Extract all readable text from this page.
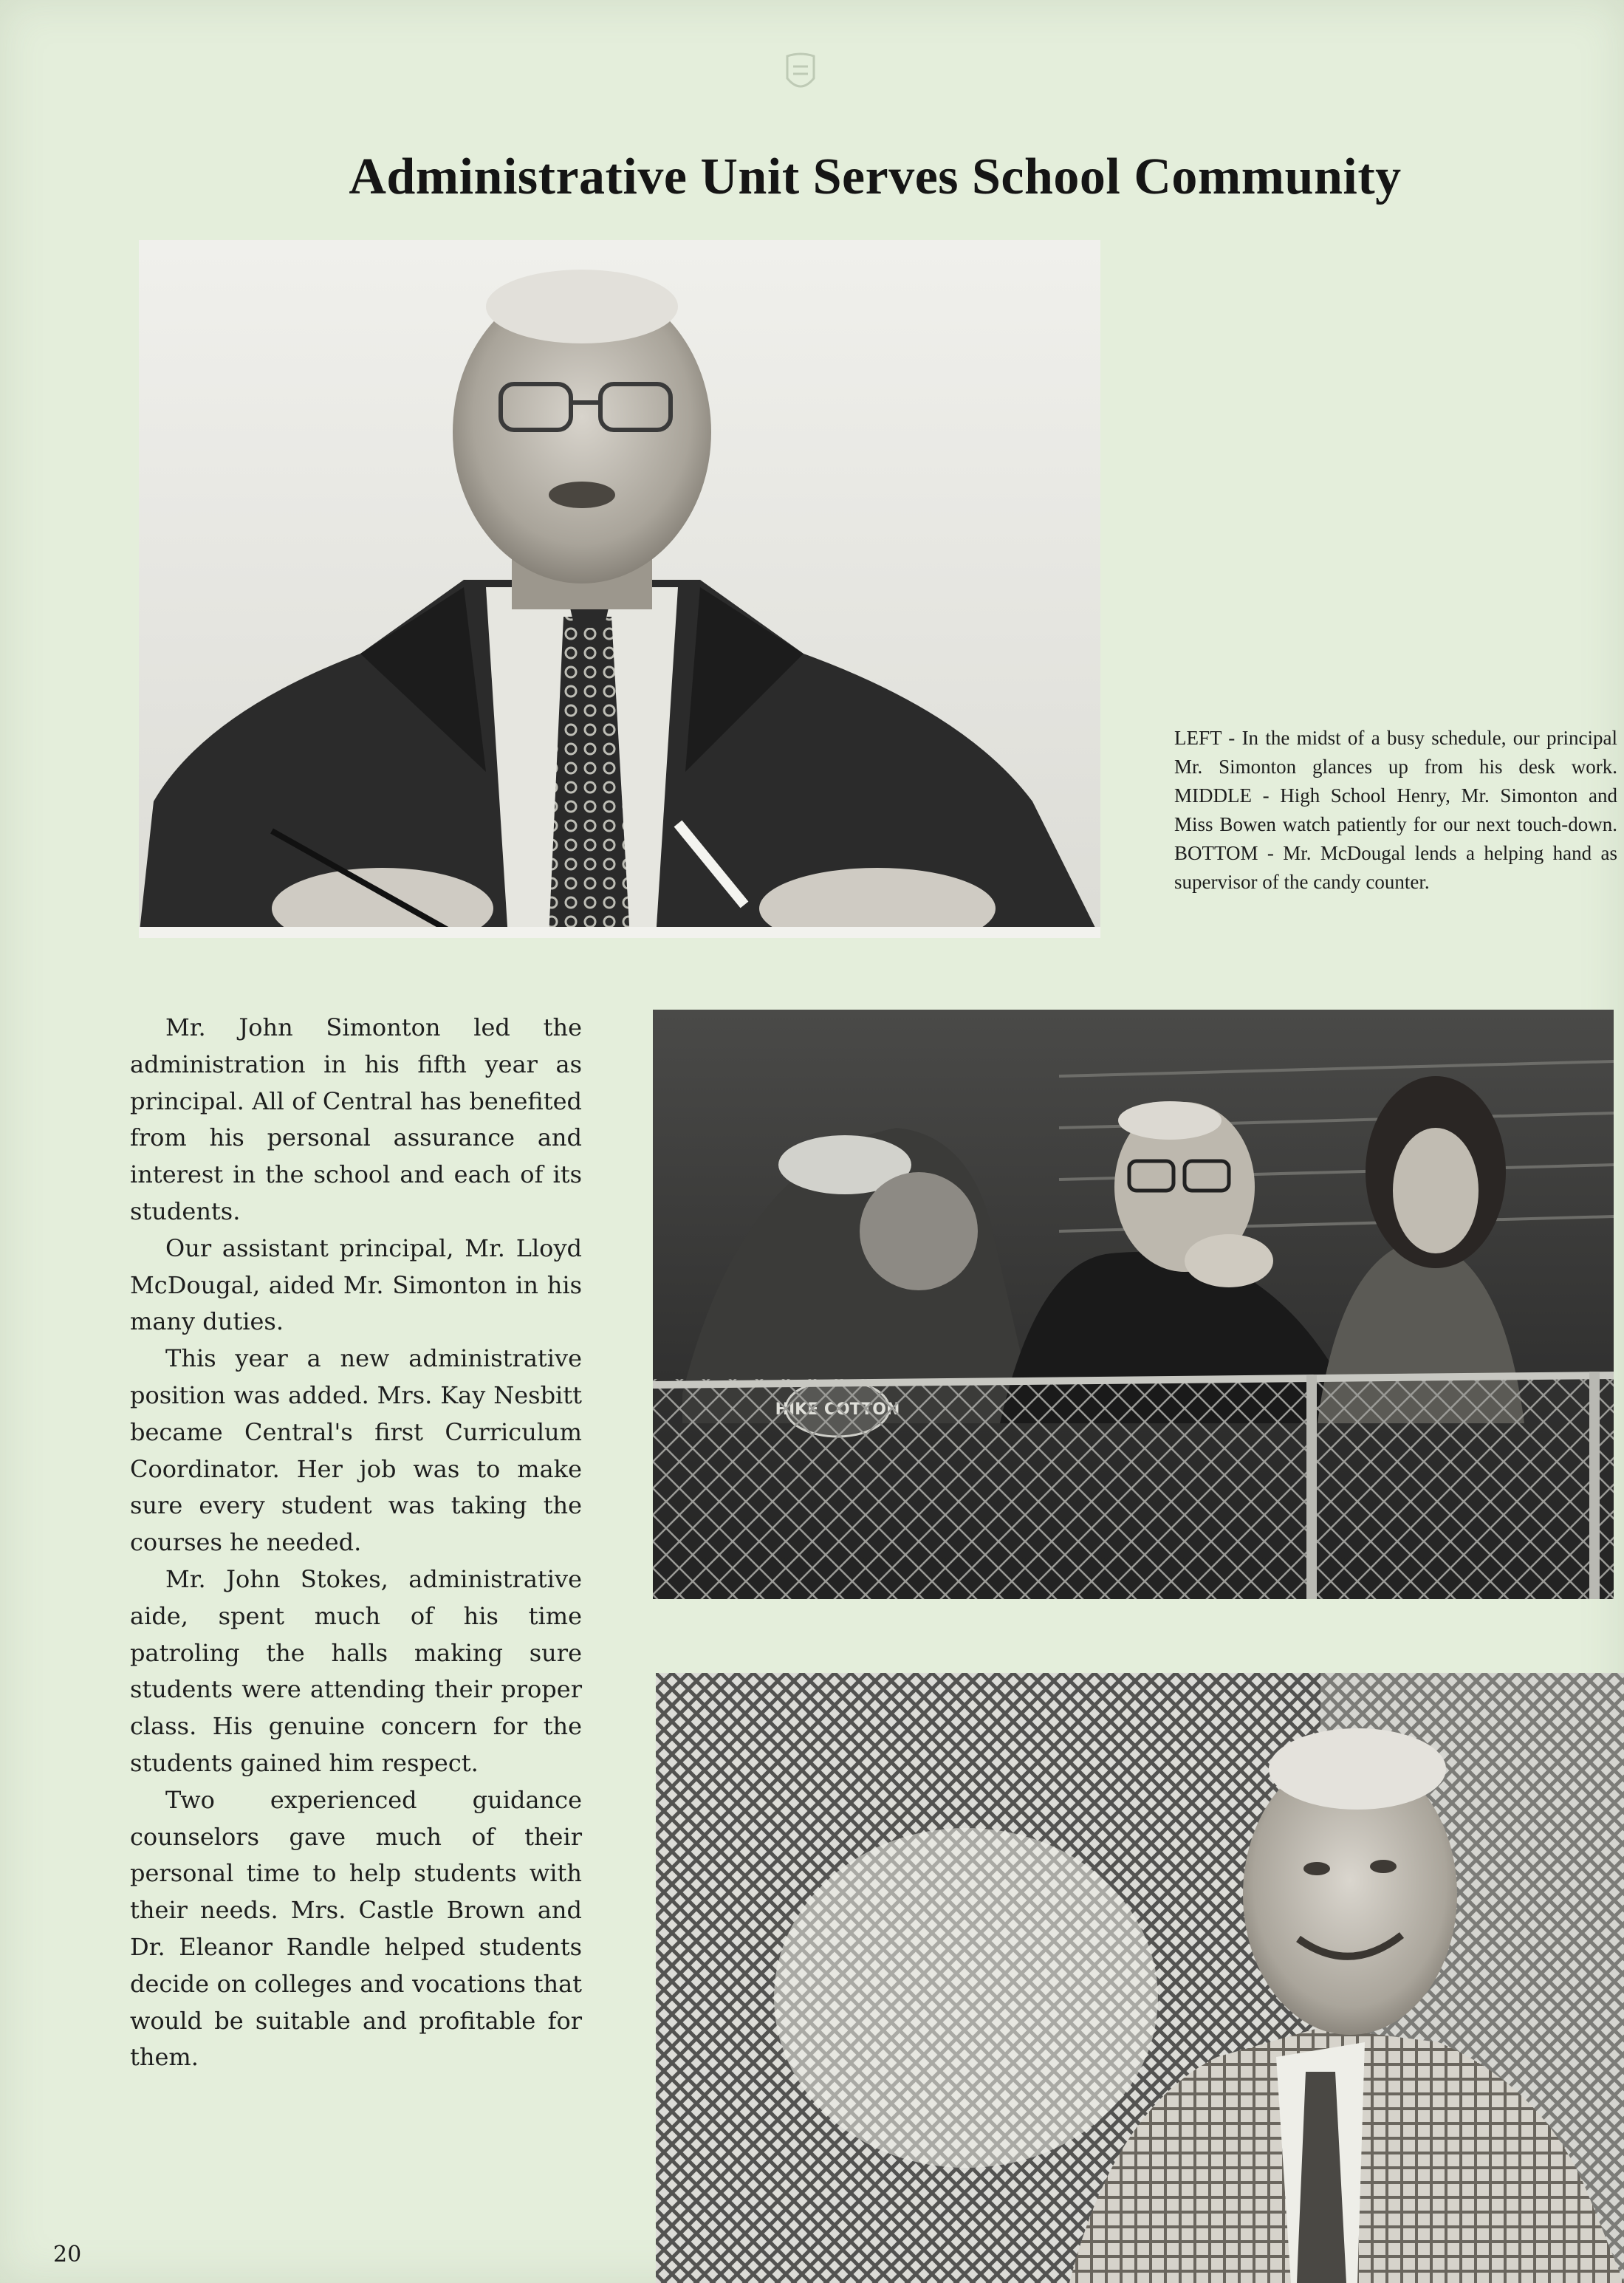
Administrative Unit Serves School Community
LEFT - In the midst of a busy schedule, our principal Mr. Simonton glances up from his desk work. MIDDLE - High School Henry, Mr. Simonton and Miss Bowen watch patiently for our next touch-down. BOTTOM - Mr. McDougal lends a helping hand as supervisor of the candy counter.

Mr. John Simonton led the administration in his fifth year as principal. All of Central has benefited from his personal assurance and interest in the school and each of its students.

Our assistant principal, Mr. Lloyd McDougal, aided Mr. Simonton in his many duties.

This year a new administrative position was added. Mrs. Kay Nesbitt became Central's first Curriculum Coordinator. Her job was to make sure every student was taking the courses he needed.

Mr. John Stokes, administrative aide, spent much of his time patroling the halls making sure students were attending their proper class. His genuine concern for the students gained him respect.

Two experienced guidance counselors gave much of their personal time to help students with their needs. Mrs. Castle Brown and Dr. Eleanor Randle helped students decide on colleges and vocations that would be suitable and profitable for them.

20
